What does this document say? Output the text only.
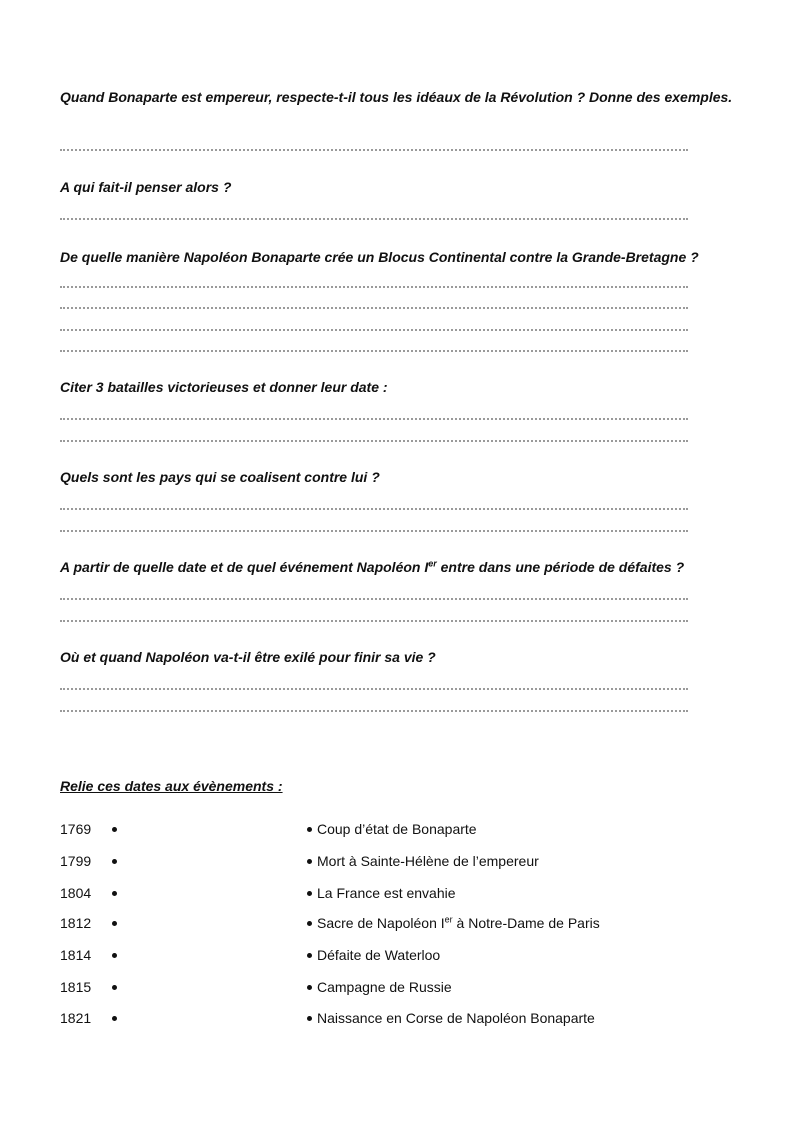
Quand Bonaparte est empereur, respecte-t-il tous les idéaux de la Révolution ? Donne des exemples.
A qui fait-il penser alors ?
De quelle manière Napoléon Bonaparte crée un Blocus Continental contre la Grande-Bretagne ?
Citer 3 batailles victorieuses et donner leur date :
Quels sont les pays qui se coalisent contre lui ?
A partir de quelle date et de quel événement Napoléon Ier entre dans une période de défaites ?
Où et quand Napoléon va-t-il être exilé pour finir sa vie ?
Relie ces dates aux évènements :
1769
1799
1804
1812
1814
1815
1821
Coup d’état de Bonaparte
Mort à Sainte-Hélène de l’empereur
La France est envahie
Sacre de Napoléon Ier à Notre-Dame de Paris
Défaite de Waterloo
Campagne de Russie
Naissance en Corse de Napoléon Bonaparte
